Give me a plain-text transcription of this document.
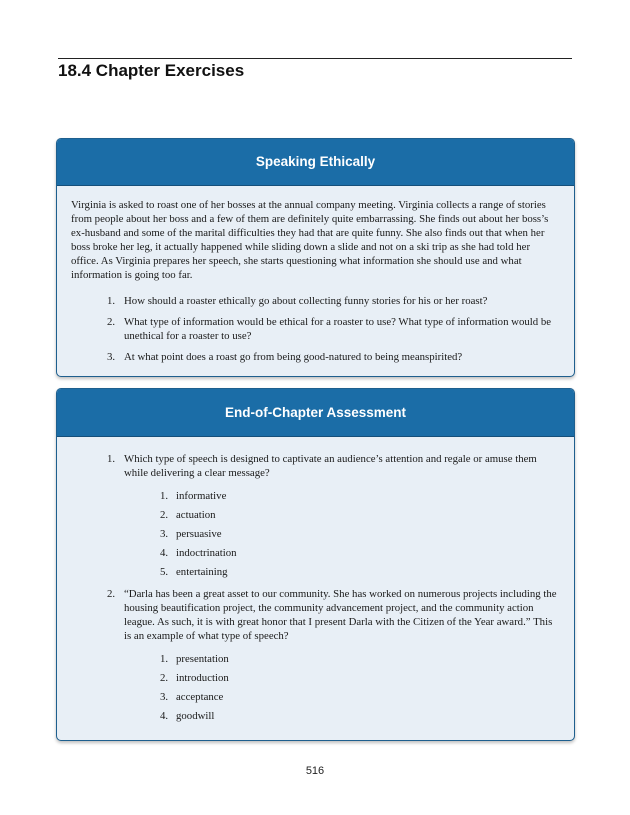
18.4 Chapter Exercises
Speaking Ethically

Virginia is asked to roast one of her bosses at the annual company meeting. Virginia collects a range of stories from people about her boss and a few of them are definitely quite embarrassing. She finds out about her boss’s ex-husband and some of the marital difficulties they had that are quite funny. She also finds out that when her boss broke her leg, it actually happened while sliding down a slide and not on a ski trip as she had told her office. As Virginia prepares her speech, she starts questioning what information she should use and what information is going too far.

1. How should a roaster ethically go about collecting funny stories for his or her roast?
2. What type of information would be ethical for a roaster to use? What type of information would be unethical for a roaster to use?
3. At what point does a roast go from being good-natured to being meanspirited?
End-of-Chapter Assessment
1. Which type of speech is designed to captivate an audience’s attention and regale or amuse them while delivering a clear message?
1. informative
2. actuation
3. persuasive
4. indoctrination
5. entertaining
2. “Darla has been a great asset to our community. She has worked on numerous projects including the housing beautification project, the community advancement project, and the community action league. As such, it is with great honor that I present Darla with the Citizen of the Year award.” This is an example of what type of speech?
1. presentation
2. introduction
3. acceptance
4. goodwill
516
